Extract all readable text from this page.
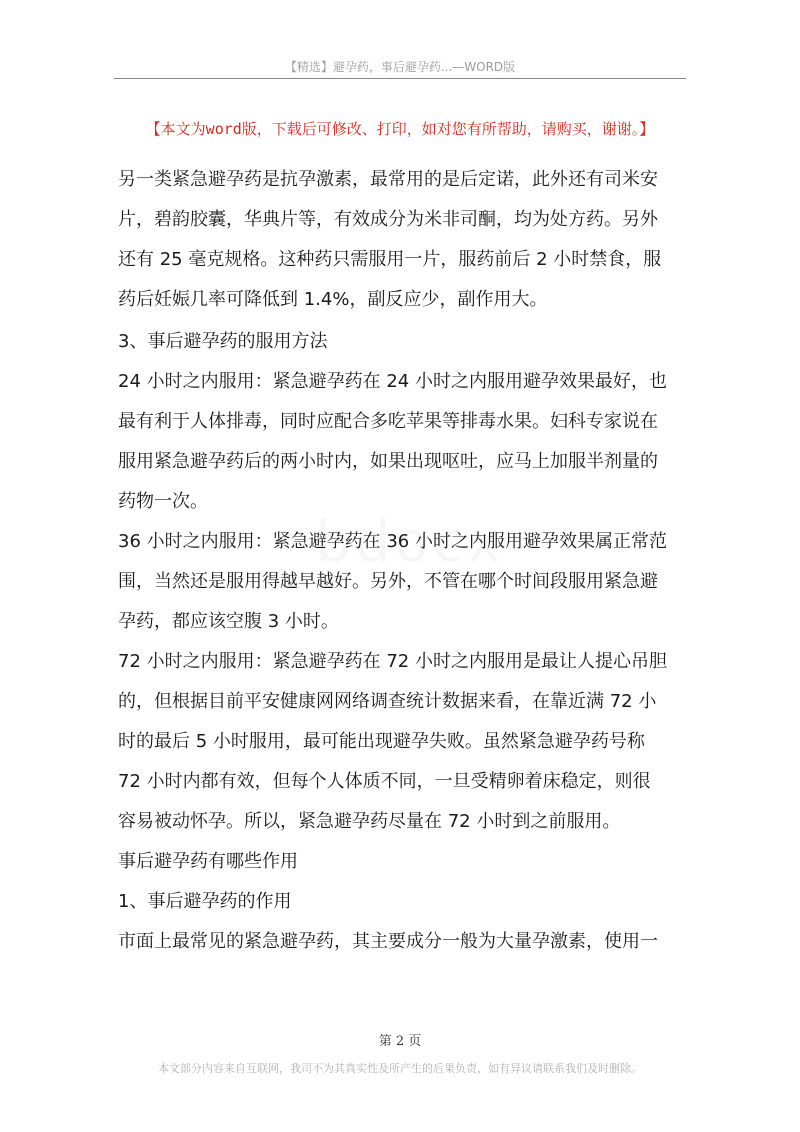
【精选】避孕药，事后避孕药...—WORD版
【本文为word版，下载后可修改、打印，如对您有所帮助，请购买，谢谢。】

另一类紧急避孕药是抗孕激素，最常用的是后定诺，此外还有司米安

片，碧韵胶囊，华典片等，有效成分为米非司酮，均为处方药。另外

还有 25 毫克规格。这种药只需服用一片，服药前后 2 小时禁食，服

药后妊娠几率可降低到 1.4%，副反应少，副作用大。

3、事后避孕药的服用方法

24 小时之内服用：紧急避孕药在 24 小时之内服用避孕效果最好，也

最有利于人体排毒，同时应配合多吃苹果等排毒水果。妇科专家说在

服用紧急避孕药后的两小时内，如果出现呕吐，应马上加服半剂量的

药物一次。

36 小时之内服用：紧急避孕药在 36 小时之内服用避孕效果属正常范

围，当然还是服用得越早越好。另外，不管在哪个时间段服用紧急避

孕药，都应该空腹 3 小时。

72 小时之内服用：紧急避孕药在 72 小时之内服用是最让人提心吊胆

的，但根据目前平安健康网网络调查统计数据来看，在靠近满 72 小

时的最后 5 小时服用，最可能出现避孕失败。虽然紧急避孕药号称

72 小时内都有效，但每个人体质不同，一旦受精卵着床稳定，则很

容易被动怀孕。所以，紧急避孕药尽量在 72 小时到之前服用。

事后避孕药有哪些作用

1、事后避孕药的作用

市面上最常见的紧急避孕药，其主要成分一般为大量孕激素，使用一

第 2 页
本文部分内容来自互联网，我司不为其真实性及所产生的后果负责，如有异议请联系我们及时删除。
